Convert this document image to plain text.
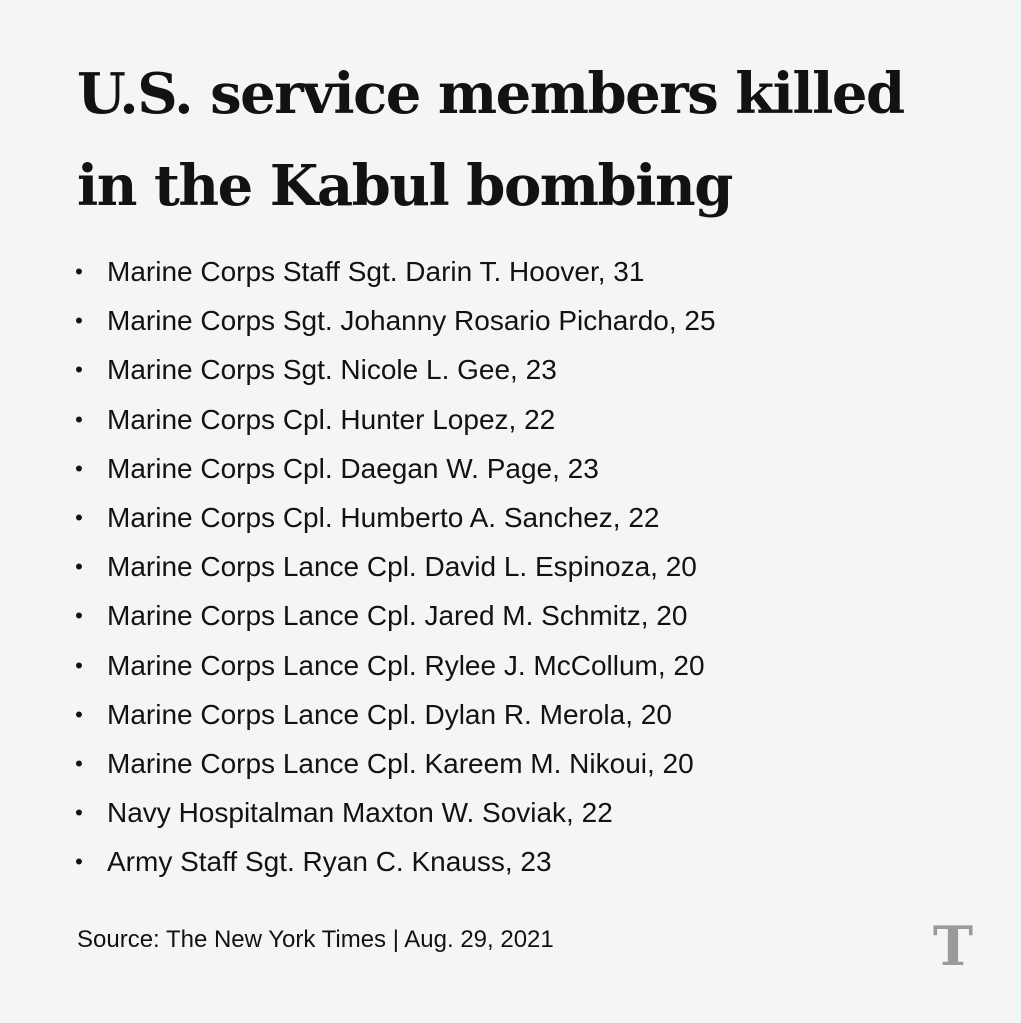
U.S. service members killed
in the Kabul bombing
• Marine Corps Staff Sgt. Darin T. Hoover, 31
• Marine Corps Sgt. Johanny Rosario Pichardo, 25
• Marine Corps Sgt. Nicole L. Gee, 23
• Marine Corps Cpl. Hunter Lopez, 22
• Marine Corps Cpl. Daegan W. Page, 23
• Marine Corps Cpl. Humberto A. Sanchez, 22
• Marine Corps Lance Cpl. David L. Espinoza, 20
• Marine Corps Lance Cpl. Jared M. Schmitz, 20
• Marine Corps Lance Cpl. Rylee J. McCollum, 20
• Marine Corps Lance Cpl. Dylan R. Merola, 20
• Marine Corps Lance Cpl. Kareem M. Nikoui, 20
• Navy Hospitalman Maxton W. Soviak, 22
• Army Staff Sgt. Ryan C. Knauss, 23
Source: The New York Times | Aug. 29, 2021	T
